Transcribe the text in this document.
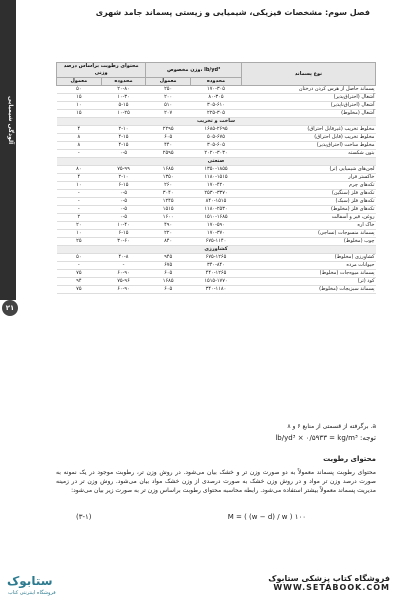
فصل سوم: مشخصات فیزیکی، شیمیایی و زیستی پسماند جامد شهری
آلودگی شیمیایی
۲۱
محتوای رطوبت براساس درصد وزنی		وزن مخصوص، lb/yd³		نوع پسماند
معمول	محدوده	معمول	محدوده	
۵۰	۲۰-۸۰	۲۵۰	۱۷۰-۳۰۵	پسماند حاصل از هرس کردن درختان
۱۵	۱۰-۳۰	۲۰۰	۸۰-۳۰۵	آشغال (احتراق‌پذیر)
۱۰	۵-۱۵	۵۱۰	۳۰۵-۶۱۰	آشغال (احتراق‌ناپذیر)
۱۵	۱۰-۲۵	۲۰۷	۲۲۵-۳۰۵	آشغال (مخلوط)
ساخت و تخریب				
۴	۲-۱۰	۲۲۹۵	۱۶۸۵-۲۶۹۵	مخلوط تخریب (غیرقابل احتراق)
۸	۴-۱۵	۶۰۵	۵۰۵-۶۷۵	مخلوط تخریب (قابل احتراق)
۸	۴-۱۵	۴۴۰	۳۰۵-۶۰۵	مخلوط ساخت (احتراق‌پذیر)
-	۰-۵	۲۵۹۵	۲۰۲۰-۳۰۳۰	بتون شکسته
صنعتی				
۸۰	۷۵-۹۹	۱۶۸۵	۱۳۵۰-۱۸۵۵	لجن‌های شیمیایی (تر)
۴	۲-۱۰	۱۳۵۰	۱۱۸۰-۱۵۱۵	خاکستر فرار
۱۰	۶-۱۵	۲۶۰	۱۷۰-۴۲۰	تکه‌های چرم
-	۰-۵	۳۰۴۰	۲۵۳۰-۳۳۷۰	تکه‌های فلز (سنگین)
-	۰-۵	۱۲۴۵	۸۴۰-۱۵۱۵	تکه‌های فلز (سبک)
-	۰-۵	۱۵۱۵	۱۱۸۰-۲۵۳۰	تکه‌های فلز (مخلوط)
۲	۰-۵	۱۶۰۰	۱۵۱۰-۱۶۸۵	روغن، قیر و آسفالت
۲۰	۱۰-۴۰	۴۹۰	۱۷۰-۵۹۰	خاک اره
۱۰	۶-۱۵	۲۲۰	۱۷۰-۳۷۰	پسماند منسوجات (نساجی)
۲۵	۳۰-۶۰	۸۴۰	۶۷۵-۱۱۴۰	چوب (مخلوط)
کشاورزی				
۵۰	۴۰-۸	۹۴۵	۶۷۵-۱۲۶۵	کشاورزی (مخلوط)
-	-	۶۷۵	۳۴۰-۸۴۰	حیوانات مرده
۷۵	۶۰-۹۰	۶۰۵	۴۴۰-۱۲۶۵	پسماند میوه‌جات (مخلوط)
۹۴	۷۵-۹۶	۱۶۸۵	۱۵۱۵-۱۷۷۰	کود (تر)
۷۵	۶۰-۹۰	۶۰۵	۳۴۰-۱۱۸۰	پسماند سبزیجات (مخلوط)
a. برگرفته از قسمتی از منابع ۶ و ۸
توجه: lb/yd³ × ۰/۵۹۳۳ = kg/m³
محتوای رطوبت
محتوای رطوبت پسماند معمولاً به دو صورت وزن تر و خشک بیان می‌شود. در روش وزن تر، رطوبت موجود در یک نمونه به صورت درصد وزن تر مواد و در روش وزن خشک به صورت درصدی از وزن خشک مواد بیان می‌شود. روش وزن تر در زمینه مدیریت پسماند معمولاً بیشتر استفاده می‌شود. رابطه محاسبه محتوای رطوبت براساس وزن تر به صورت زیر بیان می‌شود:
(۳-۱)	M = ( (w − d) / w ) ۱۰۰
ستابوک
فروشگاه اینترنتی کتاب
فروشگاه کتاب پزشکی ستابوک
WWW.SETABOOK.COM
